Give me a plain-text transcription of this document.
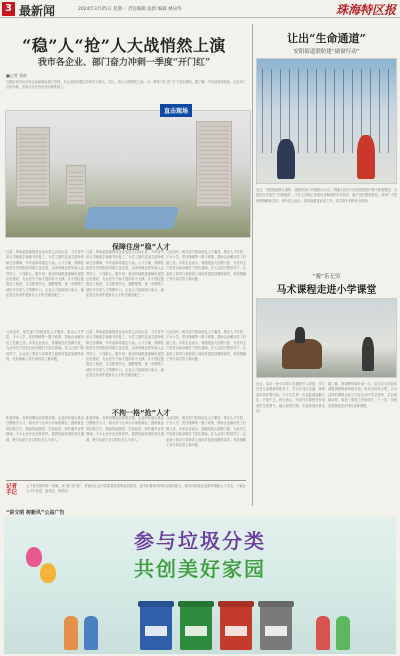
3 最新闻	2024年3月25日 星期一 责任编辑 张群 编辑 林泉华	珠海特区报
“稳”人“抢”人大战悄然上演
我市各企业、部门奋力冲刺一季度“开门红”
■记者 张群
近期记者走访多家企业和职能部门发现，各企业纷纷通过多种方式留人、招人，抢人大战悄然上演，为一季度“开门红”打下坚实基础。据了解，节后返岗率较高，企业用工总体平稳，但部分行业仍存在结构性缺工。
直击现场
保障住房“稳”人才
日前，珠海某智能制造企业负责人告诉记者，今年春节前公司就着手谋划节后复工，为员工提供往返交通补贴和住房保障，节后返岗率超过九成。人才公寓、保障性租赁住房等配套设施日益完善，让来珠就业的年轻人住得安心、干得舒心。据介绍，我市持续推进保障性租赁住房建设，为企业引才留才提供有力支撑。多个园区配建员工宿舍，生活配套齐全，通勤便利，进一步增强了城市对各类人才的吸引力。企业人力资源部门表示，稳定的住房条件是留住人才的关键因素之一。
日前，珠海某智能制造企业负责人告诉记者，今年春节前公司就着手谋划节后复工，为员工提供往返交通补贴和住房保障，节后返岗率超过九成。人才公寓、保障性租赁住房等配套设施日益完善，让来珠就业的年轻人住得安心、干得舒心。据介绍，我市持续推进保障性租赁住房建设，为企业引才留才提供有力支撑。多个园区配建员工宿舍，生活配套齐全，通勤便利，进一步增强了城市对各类人才的吸引力。企业人力资源部门表示，稳定的住房条件是留住人才的关键因素之一。
与此同时，相关部门持续优化人才服务，推出人才安居、子女入学、医疗保障等一揽子政策，帮助企业解决员工后顾之忧。多家企业表示，将继续加大招聘力度，为全年生产经营目标冲刺打下坚实基础。在人社部门的指导下，企业用工需求与求职者之间的对接更加精准高效，有效缓解了部分岗位招工难问题。
与此同时，相关部门持续优化人才服务，推出人才安居、子女入学、医疗保障等一揽子政策，帮助企业解决员工后顾之忧。多家企业表示，将继续加大招聘力度，为全年生产经营目标冲刺打下坚实基础。在人社部门的指导下，企业用工需求与求职者之间的对接更加精准高效，有效缓解了部分岗位招工难问题。
日前，珠海某智能制造企业负责人告诉记者，今年春节前公司就着手谋划节后复工，为员工提供往返交通补贴和住房保障，节后返岗率超过九成。人才公寓、保障性租赁住房等配套设施日益完善，让来珠就业的年轻人住得安心、干得舒心。据介绍，我市持续推进保障性租赁住房建设，为企业引才留才提供有力支撑。多个园区配建员工宿舍，生活配套齐全，通勤便利，进一步增强了城市对各类人才的吸引力。企业人力资源部门表示，稳定的住房条件是留住人才的关键因素之一。
与此同时，相关部门持续优化人才服务，推出人才安居、子女入学、医疗保障等一揽子政策，帮助企业解决员工后顾之忧。多家企业表示，将继续加大招聘力度，为全年生产经营目标冲刺打下坚实基础。在人社部门的指导下，企业用工需求与求职者之间的对接更加精准高效，有效缓解了部分岗位招工难问题。
不拘一格“抢”人才
新春伊始，各地招聘活动密集开展，企业纷纷拿出真金白银吸引人才。我市多个区举办专场招聘会，提供就业岗位数万个，涵盖智能制造、生物医药、现代服务业等领域。不少企业开出优厚条件，提供技能培训和晋升通道，吸引应届毕业生和技术人才加入。
新春伊始，各地招聘活动密集开展，企业纷纷拿出真金白银吸引人才。我市多个区举办专场招聘会，提供就业岗位数万个，涵盖智能制造、生物医药、现代服务业等领域。不少企业开出优厚条件，提供技能培训和晋升通道，吸引应届毕业生和技术人才加入。
与此同时，相关部门持续优化人才服务，推出人才安居、子女入学、医疗保障等一揽子政策，帮助企业解决员工后顾之忧。多家企业表示，将继续加大招聘力度，为全年生产经营目标冲刺打下坚实基础。在人社部门的指导下，企业用工需求与求职者之间的对接更加精准高效，有效缓解了部分岗位招工难问题。
记者手记
人才是发展的第一资源。从“稳”到“抢”，折射出企业对高质量发展的迫切需求，也考验着城市的综合服务能力。唯有持续优化营商环境和人才生态，才能让人才引得进、留得住、用得好。
让出“生命通道”
安阳街道联防建“破窗行动”
近日，安阳街道联合消防、城管等部门开展联合行动，对辖区老旧小区防盗网进行集中排查整治，为居民打开逃生“生命通道”。工作人员耐心向居民讲解消防安全知识，逐户登记整改情况，得到广大居民的理解和支持。该负责人表示，将持续推进此项工作，切实筑牢消防安全防线。
“骑”乐无穷
马术课程走进小学课堂
近日，本市一所小学将马术课程引入校园，学生们在专业教练的指导下，学习与马匹沟通、骑乘基本动作等内容。不少学生第一次近距离接触马匹，兴奋不已。校方表示，开设马术课程旨在培养学生的勇气、耐心和责任感，丰富校园体育活动。
据了解，该课程每周开设一次，由专业马术俱乐部提供教练和场地支持。家长们纷纷点赞，认为这样的课程让孩子们在运动中学会坚持、学会照顾动物，收获了课堂之外的成长。下一步，学校还将探索更多特色体育课程。
“讲文明 树新风”公益广告
参与垃圾分类
共创美好家园
